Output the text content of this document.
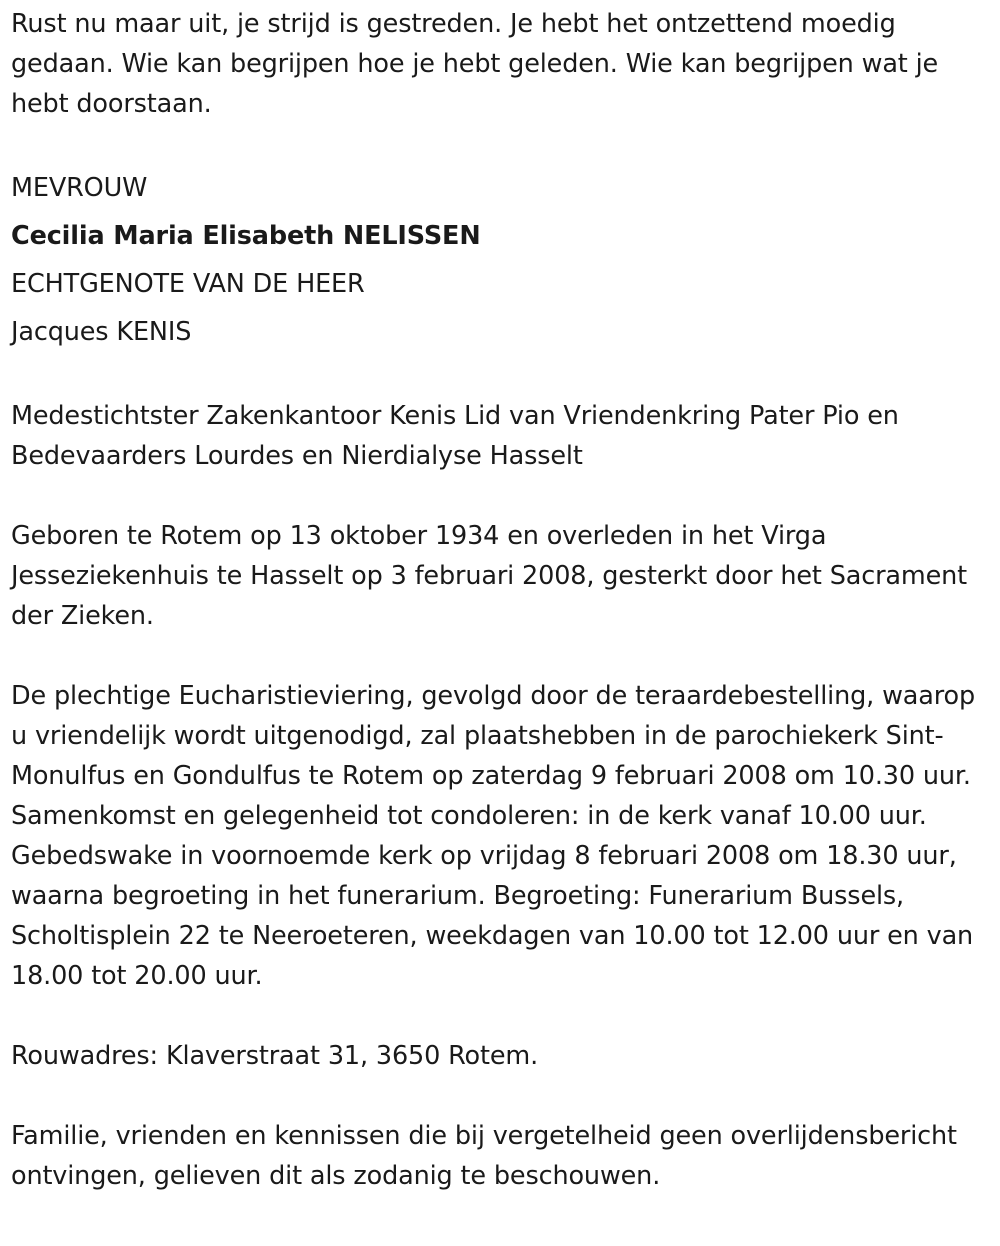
Rust nu maar uit, je strijd is gestreden. Je hebt het ontzettend moedig gedaan. Wie kan begrijpen hoe je hebt geleden. Wie kan begrijpen wat je hebt doorstaan.

MEVROUW

Cecilia Maria Elisabeth NELISSEN

ECHTGENOTE VAN DE HEER

Jacques KENIS

Medestichtster Zakenkantoor Kenis Lid van Vriendenkring Pater Pio en Bedevaarders Lourdes en Nierdialyse Hasselt

Geboren te Rotem op 13 oktober 1934 en overleden in het Virga Jesseziekenhuis te Hasselt op 3 februari 2008, gesterkt door het Sacrament der Zieken.

De plechtige Eucharistieviering, gevolgd door de teraardebestelling, waarop u vriendelijk wordt uitgenodigd, zal plaatshebben in de parochiekerk Sint-Monulfus en Gondulfus te Rotem op zaterdag 9 februari 2008 om 10.30 uur. Samenkomst en gelegenheid tot condoleren: in de kerk vanaf 10.00 uur. Gebedswake in voornoemde kerk op vrijdag 8 februari 2008 om 18.30 uur, waarna begroeting in het funerarium. Begroeting: Funerarium Bussels, Scholtisplein 22 te Neeroeteren, weekdagen van 10.00 tot 12.00 uur en van 18.00 tot 20.00 uur.

Rouwadres: Klaverstraat 31, 3650 Rotem.

Familie, vrienden en kennissen die bij vergetelheid geen overlijdensbericht ontvingen, gelieven dit als zodanig te beschouwen.
